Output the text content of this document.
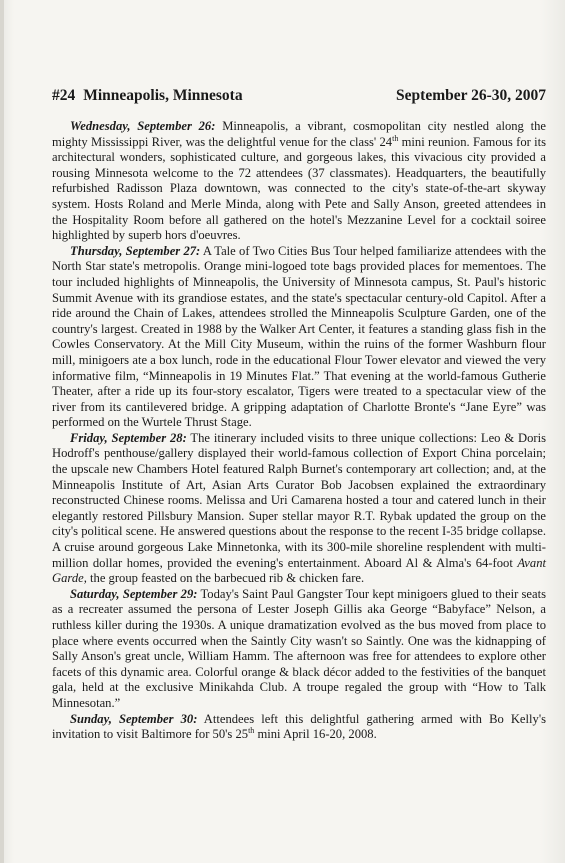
#24 Minneapolis, Minnesota	September 26-30, 2007

Wednesday, September 26: Minneapolis, a vibrant, cosmopolitan city nestled along the mighty Mississippi River, was the delightful venue for the class' 24th mini reunion. Famous for its architectural wonders, sophisticated culture, and gorgeous lakes, this vivacious city provided a rousing Minnesota welcome to the 72 attendees (37 classmates). Headquarters, the beautifully refurbished Radisson Plaza downtown, was connected to the city's state-of-the-art skyway system. Hosts Roland and Merle Minda, along with Pete and Sally Anson, greeted attendees in the Hospitality Room before all gathered on the hotel's Mezzanine Level for a cocktail soiree highlighted by superb hors d'oeuvres.

Thursday, September 27: A Tale of Two Cities Bus Tour helped familiarize attendees with the North Star state's metropolis. Orange mini-logoed tote bags provided places for mementoes. The tour included highlights of Minneapolis, the University of Minnesota campus, St. Paul's historic Summit Avenue with its grandiose estates, and the state's spectacular century-old Capitol. After a ride around the Chain of Lakes, attendees strolled the Minneapolis Sculpture Garden, one of the country's largest. Created in 1988 by the Walker Art Center, it features a standing glass fish in the Cowles Conservatory. At the Mill City Museum, within the ruins of the former Washburn flour mill, minigoers ate a box lunch, rode in the educational Flour Tower elevator and viewed the very informative film, “Minneapolis in 19 Minutes Flat.” That evening at the world-famous Gutherie Theater, after a ride up its four-story escalator, Tigers were treated to a spectacular view of the river from its cantilevered bridge. A gripping adaptation of Charlotte Bronte's “Jane Eyre” was performed on the Wurtele Thrust Stage.

Friday, September 28: The itinerary included visits to three unique collections: Leo & Doris Hodroff's penthouse/gallery displayed their world-famous collection of Export China porcelain; the upscale new Chambers Hotel featured Ralph Burnet's contemporary art collection; and, at the Minneapolis Institute of Art, Asian Arts Curator Bob Jacobsen explained the extraordinary reconstructed Chinese rooms. Melissa and Uri Camarena hosted a tour and catered lunch in their elegantly restored Pillsbury Mansion. Super stellar mayor R.T. Rybak updated the group on the city's political scene. He answered questions about the response to the recent I-35 bridge collapse. A cruise around gorgeous Lake Minnetonka, with its 300-mile shoreline resplendent with multi-million dollar homes, provided the evening's entertainment. Aboard Al & Alma's 64-foot Avant Garde, the group feasted on the barbecued rib & chicken fare.

Saturday, September 29: Today's Saint Paul Gangster Tour kept minigoers glued to their seats as a recreater assumed the persona of Lester Joseph Gillis aka George “Babyface” Nelson, a ruthless killer during the 1930s. A unique dramatization evolved as the bus moved from place to place where events occurred when the Saintly City wasn't so Saintly. One was the kidnapping of Sally Anson's great uncle, William Hamm. The afternoon was free for attendees to explore other facets of this dynamic area. Colorful orange & black décor added to the festivities of the banquet gala, held at the exclusive Minikahda Club. A troupe regaled the group with “How to Talk Minnesotan.”

Sunday, September 30: Attendees left this delightful gathering armed with Bo Kelly's invitation to visit Baltimore for 50's 25th mini April 16-20, 2008.
